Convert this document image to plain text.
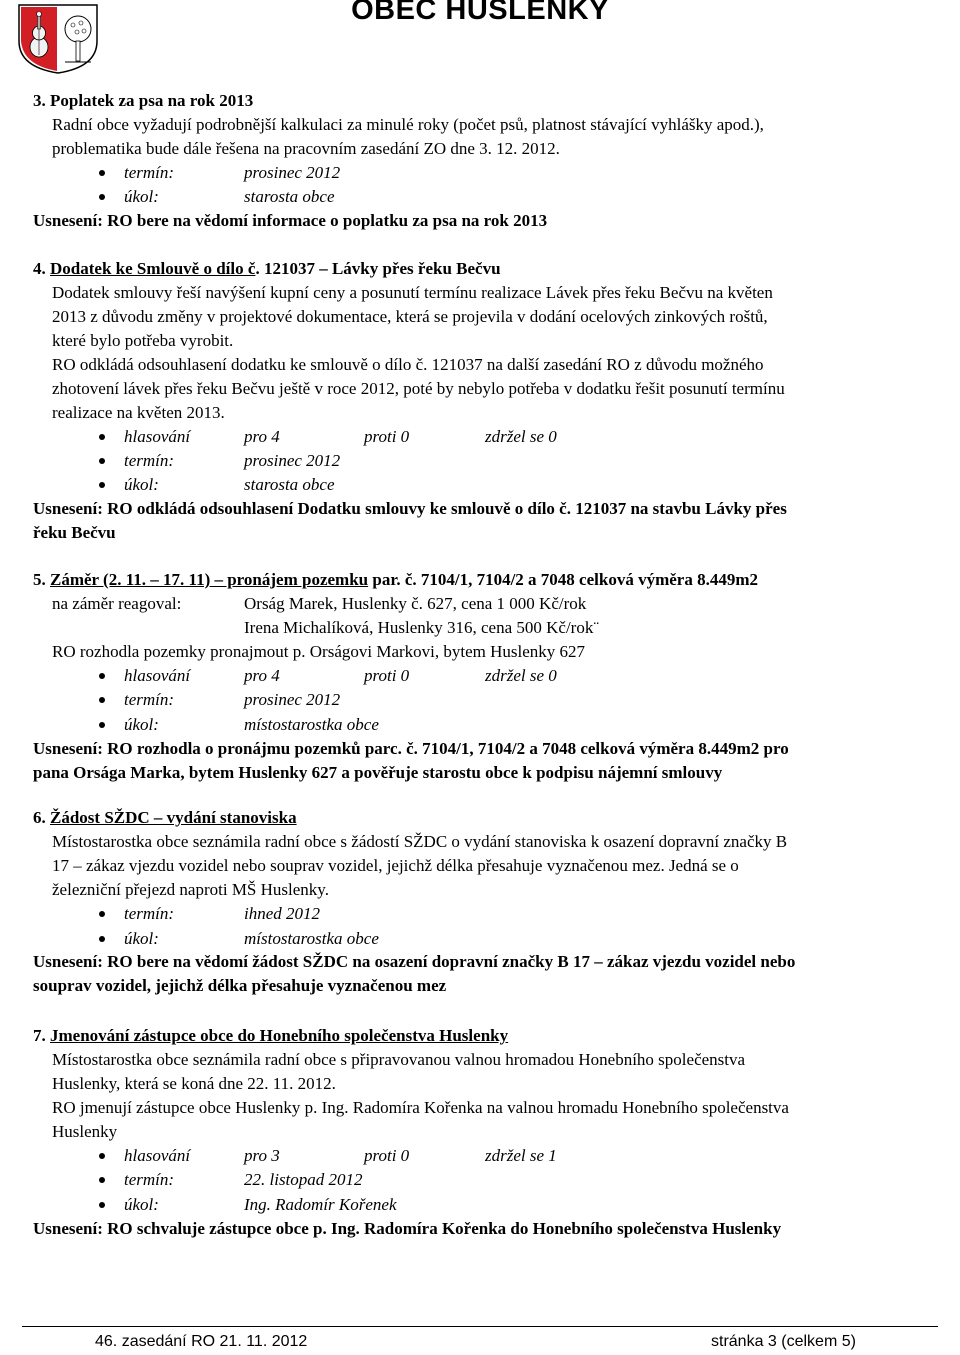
OBEC HUSLENKY
3. Poplatek za psa na rok 2013
Radní obce vyžadují podrobnější kalkulaci za minulé roky (počet psů, platnost stávající vyhlášky apod.),
problematika bude dále řešena na pracovním zasedání ZO dne 3. 12. 2012.
termín:	prosinec 2012
úkol:	starosta obce
Usnesení: RO bere na vědomí informace o poplatku za psa na rok 2013
4. Dodatek ke Smlouvě o dílo č. 121037 – Lávky přes řeku Bečvu
Dodatek smlouvy řeší navýšení kupní ceny a posunutí termínu realizace Lávek přes řeku Bečvu na květen
2013 z důvodu změny v projektové dokumentace, která se projevila v dodání ocelových zinkových roštů,
které bylo potřeba vyrobit.
RO odkládá odsouhlasení dodatku ke smlouvě o dílo č. 121037 na další zasedání RO z důvodu možného
zhotovení lávek přes řeku Bečvu ještě v roce 2012, poté by nebylo potřeba v dodatku řešit posunutí termínu
realizace na květen 2013.
hlasování	pro 4	proti 0	zdržel se 0
termín:	prosinec 2012
úkol:	starosta obce
Usnesení: RO odkládá odsouhlasení Dodatku smlouvy ke smlouvě o dílo č. 121037 na stavbu Lávky přes
řeku Bečvu
5. Záměr (2. 11. – 17. 11) – pronájem pozemku par. č. 7104/1, 7104/2 a 7048 celková výměra 8.449m2
na záměr reagoval:	Orság Marek, Huslenky č. 627, cena 1 000 Kč/rok
Irena Michalíková, Huslenky 316, cena 500 Kč/rok¨
RO rozhodla pozemky pronajmout p. Orságovi Markovi, bytem Huslenky 627
hlasování	pro 4	proti 0	zdržel se 0
termín:	prosinec 2012
úkol:	místostarostka obce
Usnesení: RO rozhodla o pronájmu pozemků parc. č. 7104/1, 7104/2 a 7048 celková výměra 8.449m2 pro
pana Orsága Marka, bytem Huslenky 627 a pověřuje starostu obce k podpisu nájemní smlouvy
6. Žádost SŽDC – vydání stanoviska
Místostarostka obce seznámila radní obce s žádostí SŽDC o vydání stanoviska k osazení dopravní značky B
17 – zákaz vjezdu vozidel nebo souprav vozidel, jejichž délka přesahuje vyznačenou mez. Jedná se o
železniční přejezd naproti MŠ Huslenky.
termín:	ihned 2012
úkol:	místostarostka obce
Usnesení: RO bere na vědomí žádost SŽDC na osazení dopravní značky B 17 – zákaz vjezdu vozidel nebo
souprav vozidel, jejichž délka přesahuje vyznačenou mez
7. Jmenování zástupce obce do Honebního společenstva Huslenky
Místostarostka obce seznámila radní obce s připravovanou valnou hromadou Honebního společenstva
Huslenky, která se koná dne 22. 11. 2012.
RO jmenují zástupce obce Huslenky p. Ing. Radomíra Kořenka na valnou hromadu Honebního společenstva
Huslenky
hlasování	pro 3	proti 0	zdržel se 1
termín:	22. listopad 2012
úkol:	Ing. Radomír Kořenek
Usnesení: RO schvaluje zástupce obce p. Ing. Radomíra Kořenka do Honebního společenstva Huslenky
46. zasedání RO 21. 11. 2012	stránka 3 (celkem 5)
